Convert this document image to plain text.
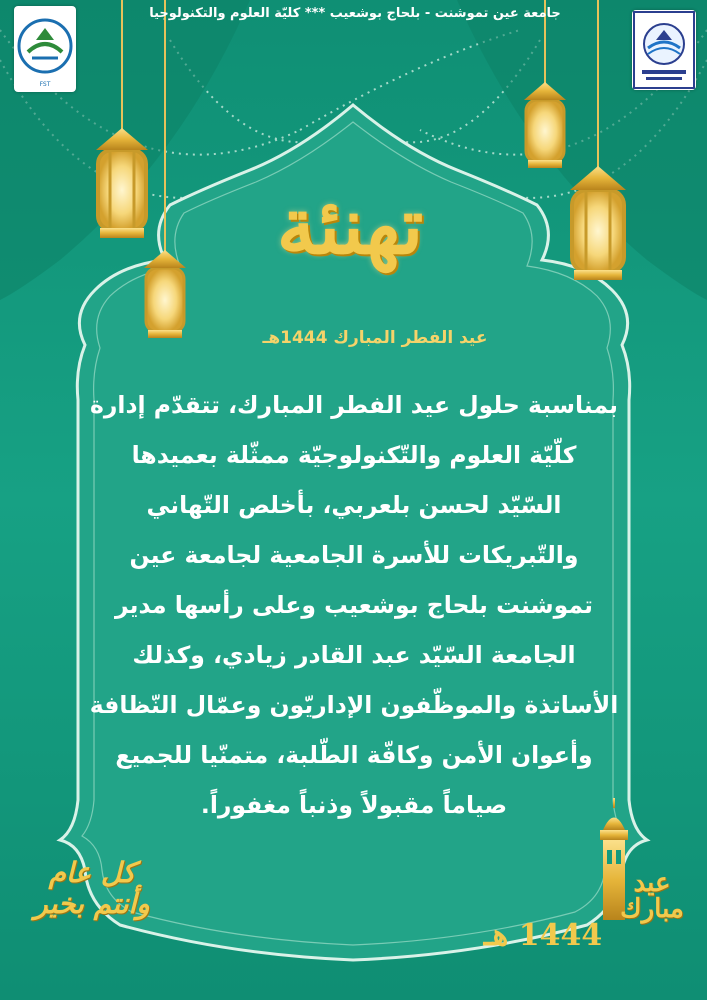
جامعة عين تموشنت - بلحاج بوشعيب *** كليّة العلوم والتكنولوجيا
FST
تهنئة
عيد الفطر المبارك 1444هـ

بمناسبة حلول عيد الفطر المبارك، تتقدّم إدارة
كلّيّة العلوم والتّكنولوجيّة ممثّلة بعميدها
السّيّد لحسن بلعربي، بأخلص التّهاني
والتّبريكات للأسرة الجامعية لجامعة عين
تموشنت بلحاج بوشعيب وعلى رأسها مدير
الجامعة السّيّد عبد القادر زيادي، وكذلك
الأساتذة والموظّفون الإداريّون وعمّال النّظافة
وأعوان الأمن وكافّة الطّلبة، متمنّيا للجميع
صياماً مقبولاً وذنباً مغفوراً.

كل عام وأنتم بخير
عيد مبارك
1444 هـ
